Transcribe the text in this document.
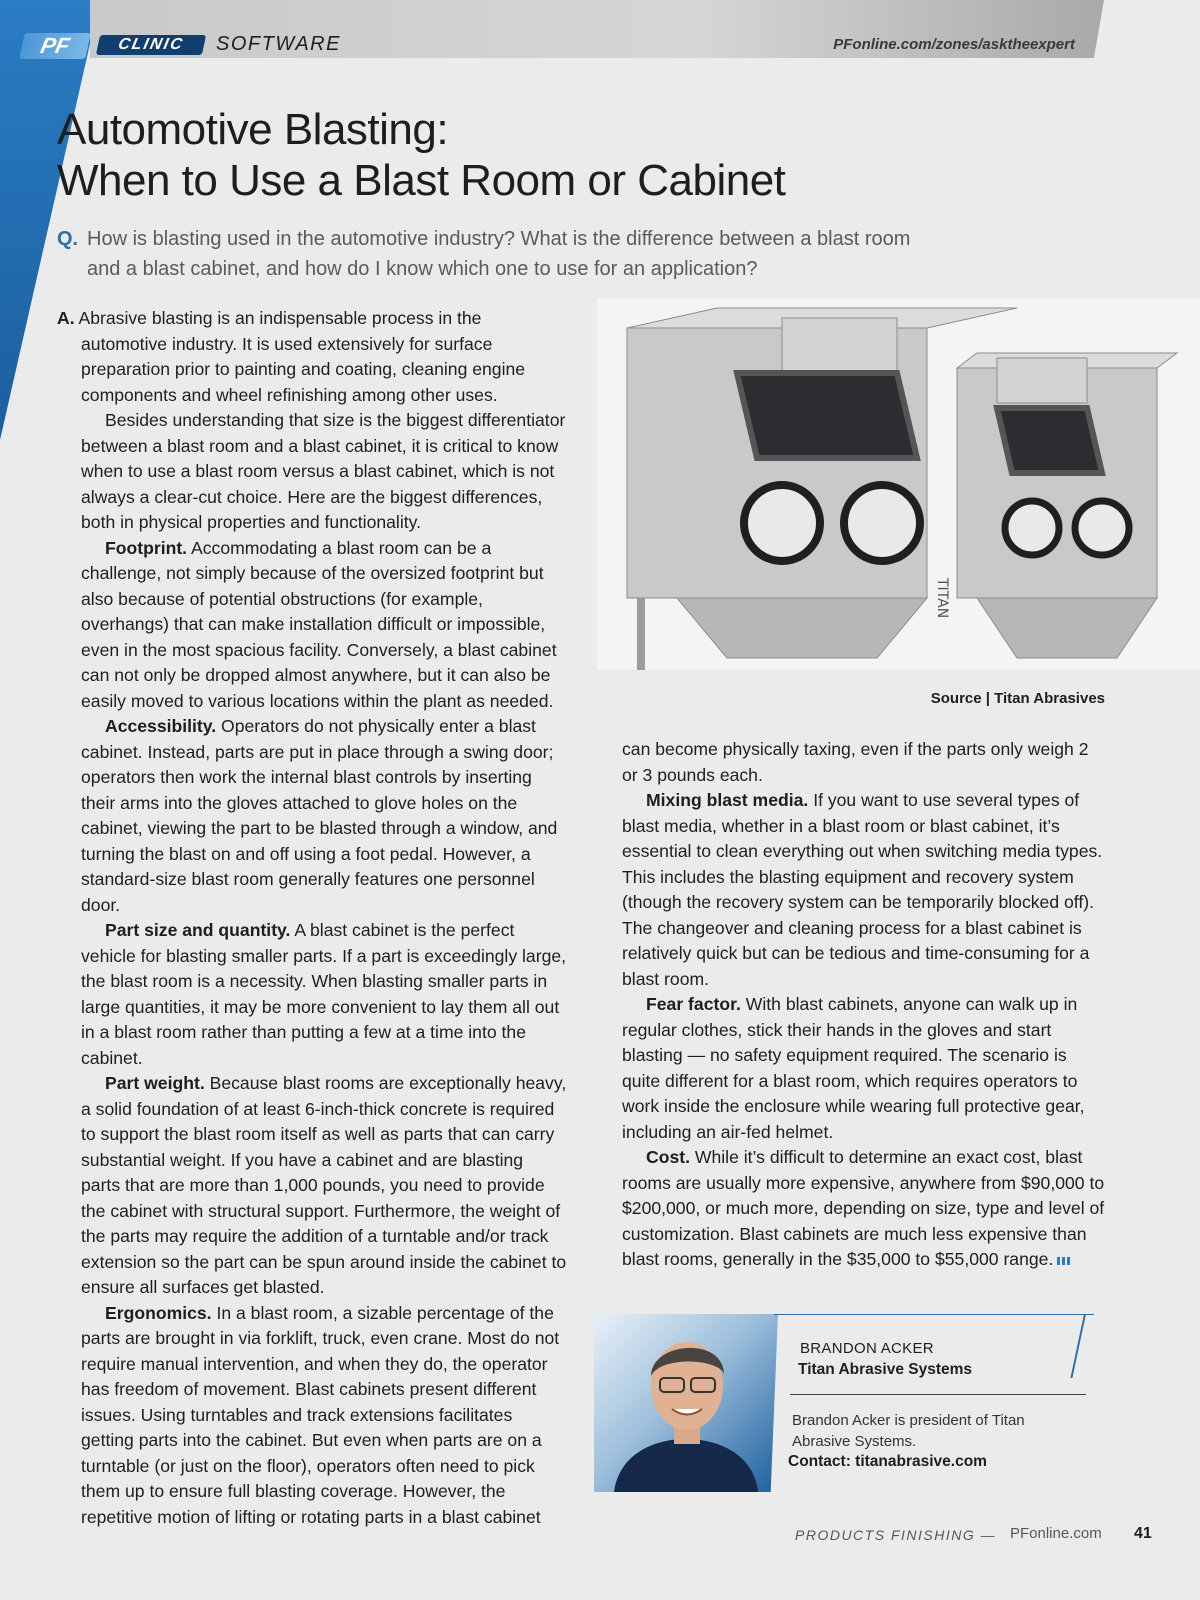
PF	CLINIC	SOFTWARE	PFonline.com/zones/asktheexpert
Automotive Blasting:
When to Use a Blast Room or Cabinet
Q. How is blasting used in the automotive industry? What is the difference between a blast room and a blast cabinet, and how do I know which one to use for an application?

A. Abrasive blasting is an indispensable process in the automotive industry. It is used extensively for surface preparation prior to painting and coating, cleaning engine components and wheel refinishing among other uses.

Besides understanding that size is the biggest differentiator between a blast room and a blast cabinet, it is critical to know when to use a blast room versus a blast cabinet, which is not always a clear-cut choice. Here are the biggest differences, both in physical properties and functionality.

Footprint. Accommodating a blast room can be a challenge, not simply because of the oversized footprint but also because of potential obstructions (for example, overhangs) that can make installation difficult or impossible, even in the most spacious facility. Conversely, a blast cabinet can not only be dropped almost anywhere, but it can also be easily moved to various locations within the plant as needed.

Accessibility. Operators do not physically enter a blast cabinet. Instead, parts are put in place through a swing door; operators then work the internal blast controls by inserting their arms into the gloves attached to glove holes on the cabinet, viewing the part to be blasted through a window, and turning the blast on and off using a foot pedal. However, a standard-size blast room generally features one personnel door.

Part size and quantity. A blast cabinet is the perfect vehicle for blasting smaller parts. If a part is exceedingly large, the blast room is a necessity. When blasting smaller parts in large quantities, it may be more convenient to lay them all out in a blast room rather than putting a few at a time into the cabinet.

Part weight. Because blast rooms are exceptionally heavy, a solid foundation of at least 6-inch-thick concrete is required to support the blast room itself as well as parts that can carry substantial weight. If you have a cabinet and are blasting parts that are more than 1,000 pounds, you need to provide the cabinet with structural support. Furthermore, the weight of the parts may require the addition of a turntable and/or track extension so the part can be spun around inside the cabinet to ensure all surfaces get blasted.

Ergonomics. In a blast room, a sizable percentage of the parts are brought in via forklift, truck, even crane. Most do not require manual intervention, and when they do, the operator has freedom of movement. Blast cabinets present different issues. Using turntables and track extensions facilitates getting parts into the cabinet. But even when parts are on a turntable (or just on the floor), operators often need to pick them up to ensure full blasting coverage. However, the repetitive motion of lifting or rotating parts in a blast cabinet

TITAN
Source | Titan Abrasives

can become physically taxing, even if the parts only weigh 2 or 3 pounds each.

Mixing blast media. If you want to use several types of blast media, whether in a blast room or blast cabinet, it’s essential to clean everything out when switching media types. This includes the blasting equipment and recovery system (though the recovery system can be temporarily blocked off). The changeover and cleaning process for a blast cabinet is relatively quick but can be tedious and time-consuming for a blast room.

Fear factor. With blast cabinets, anyone can walk up in regular clothes, stick their hands in the gloves and start blasting — no safety equipment required. The scenario is quite different for a blast room, which requires operators to work inside the enclosure while wearing full protective gear, including an air-fed helmet.

Cost. While it’s difficult to determine an exact cost, blast rooms are usually more expensive, anywhere from $90,000 to $200,000, or much more, depending on size, type and level of customization. Blast cabinets are much less expensive than blast rooms, generally in the $35,000 to $55,000 range.

BRANDON ACKER
Titan Abrasive Systems
Brandon Acker is president of Titan Abrasive Systems.
Contact: titanabrasive.com
PRODUCTS FINISHING — PFonline.com 41
